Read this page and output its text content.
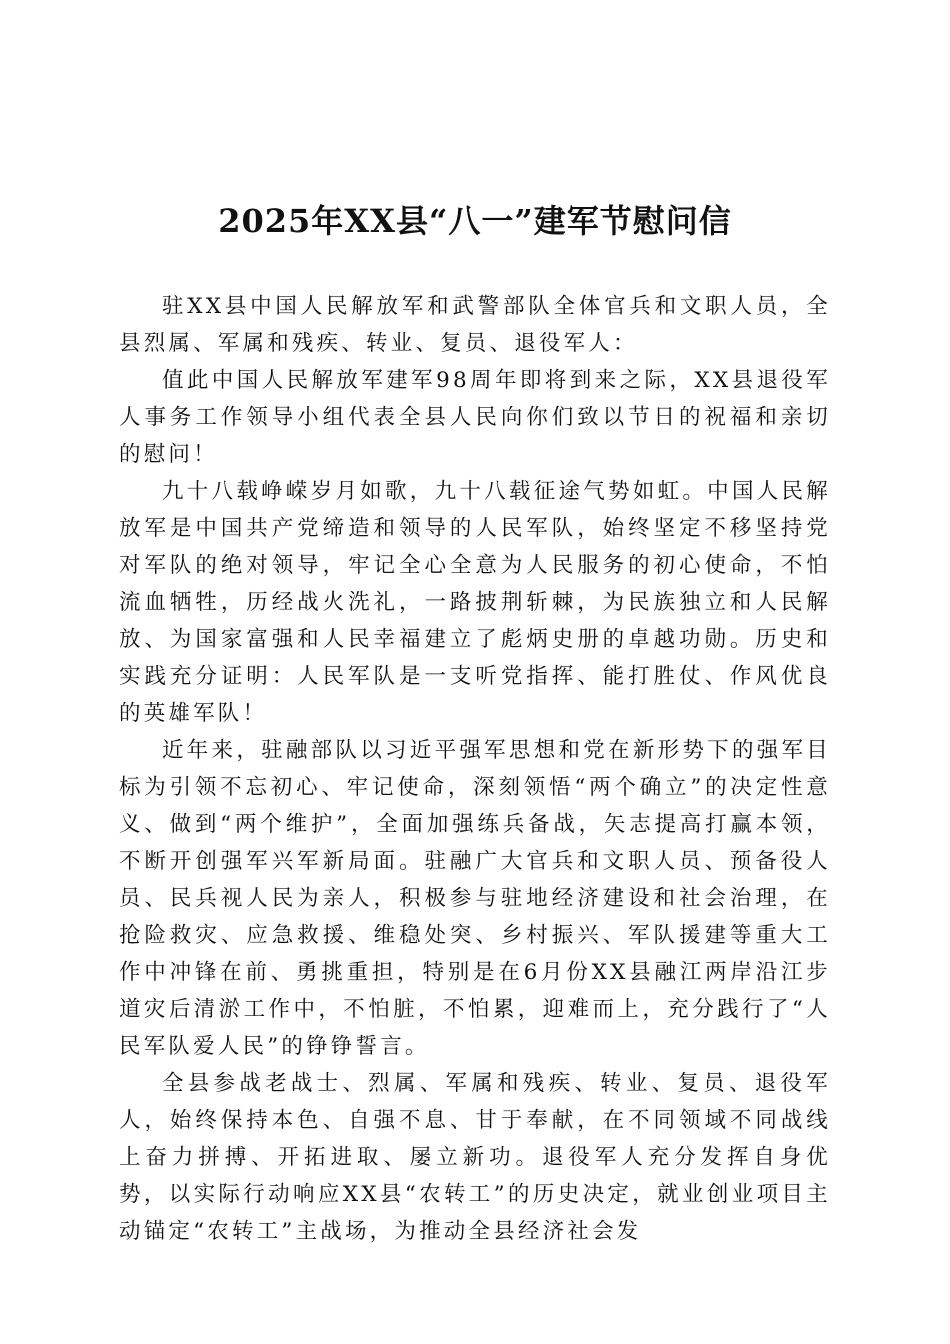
2025年XX县“八一”建军节慰问信

驻XX县中国人民解放军和武警部队全体官兵和文职人员，全县烈属、军属和残疾、转业、复员、退役军人：

值此中国人民解放军建军98周年即将到来之际，XX县退役军人事务工作领导小组代表全县人民向你们致以节日的祝福和亲切的慰问！

九十八载峥嵘岁月如歌，九十八载征途气势如虹。中国人民解放军是中国共产党缔造和领导的人民军队，始终坚定不移坚持党对军队的绝对领导，牢记全心全意为人民服务的初心使命，不怕流血牺牲，历经战火洗礼，一路披荆斩棘，为民族独立和人民解放、为国家富强和人民幸福建立了彪炳史册的卓越功勋。历史和实践充分证明：人民军队是一支听党指挥、能打胜仗、作风优良的英雄军队！

近年来，驻融部队以习近平强军思想和党在新形势下的强军目标为引领不忘初心、牢记使命，深刻领悟“两个确立”的决定性意义、做到“两个维护”，全面加强练兵备战，矢志提高打赢本领，不断开创强军兴军新局面。驻融广大官兵和文职人员、预备役人员、民兵视人民为亲人，积极参与驻地经济建设和社会治理，在抢险救灾、应急救援、维稳处突、乡村振兴、军队援建等重大工作中冲锋在前、勇挑重担，特别是在6月份XX县融江两岸沿江步道灾后清淤工作中，不怕脏，不怕累，迎难而上，充分践行了“人民军队爱人民”的铮铮誓言。

全县参战老战士、烈属、军属和残疾、转业、复员、退役军人，始终保持本色、自强不息、甘于奉献，在不同领域不同战线上奋力拼搏、开拓进取、屡立新功。退役军人充分发挥自身优势，以实际行动响应XX县“农转工”的历史决定，就业创业项目主动锚定“农转工”主战场，为推动全县经济社会发
